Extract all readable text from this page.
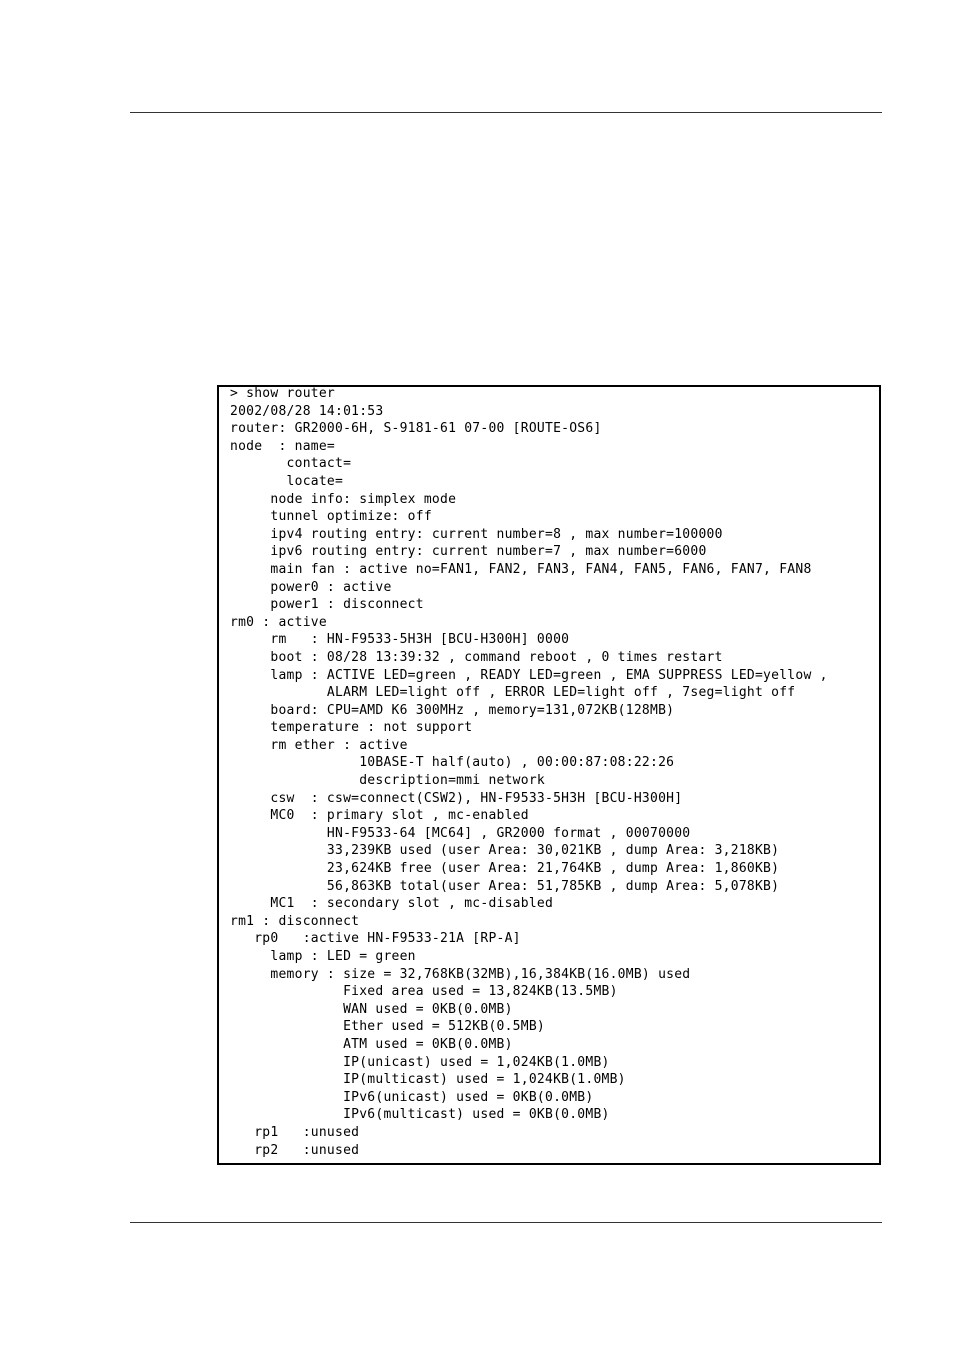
> show router
2002/08/28 14:01:53
router: GR2000-6H, S-9181-61 07-00 [ROUTE-OS6]
node  : name=
contact=
locate=
node info: simplex mode
tunnel optimize: off
ipv4 routing entry: current number=8 , max number=100000
ipv6 routing entry: current number=7 , max number=6000
main fan : active no=FAN1, FAN2, FAN3, FAN4, FAN5, FAN6, FAN7, FAN8
power0 : active
power1 : disconnect
rm0 : active
rm   : HN-F9533-5H3H [BCU-H300H] 0000
boot : 08/28 13:39:32 , command reboot , 0 times restart
lamp : ACTIVE LED=green , READY LED=green , EMA SUPPRESS LED=yellow ,
ALARM LED=light off , ERROR LED=light off , 7seg=light off
board: CPU=AMD K6 300MHz , memory=131,072KB(128MB)
temperature : not support
rm ether : active
10BASE-T half(auto) , 00:00:87:08:22:26
description=mmi network
csw  : csw=connect(CSW2), HN-F9533-5H3H [BCU-H300H]
MC0  : primary slot , mc-enabled
HN-F9533-64 [MC64] , GR2000 format , 00070000
33,239KB used (user Area: 30,021KB , dump Area: 3,218KB)
23,624KB free (user Area: 21,764KB , dump Area: 1,860KB)
56,863KB total(user Area: 51,785KB , dump Area: 5,078KB)
MC1  : secondary slot , mc-disabled
rm1 : disconnect
rp0   :active HN-F9533-21A [RP-A]
lamp : LED = green
memory : size = 32,768KB(32MB),16,384KB(16.0MB) used
Fixed area used = 13,824KB(13.5MB)
WAN used = 0KB(0.0MB)
Ether used = 512KB(0.5MB)
ATM used = 0KB(0.0MB)
IP(unicast) used = 1,024KB(1.0MB)
IP(multicast) used = 1,024KB(1.0MB)
IPv6(unicast) used = 0KB(0.0MB)
IPv6(multicast) used = 0KB(0.0MB)
rp1   :unused
rp2   :unused
